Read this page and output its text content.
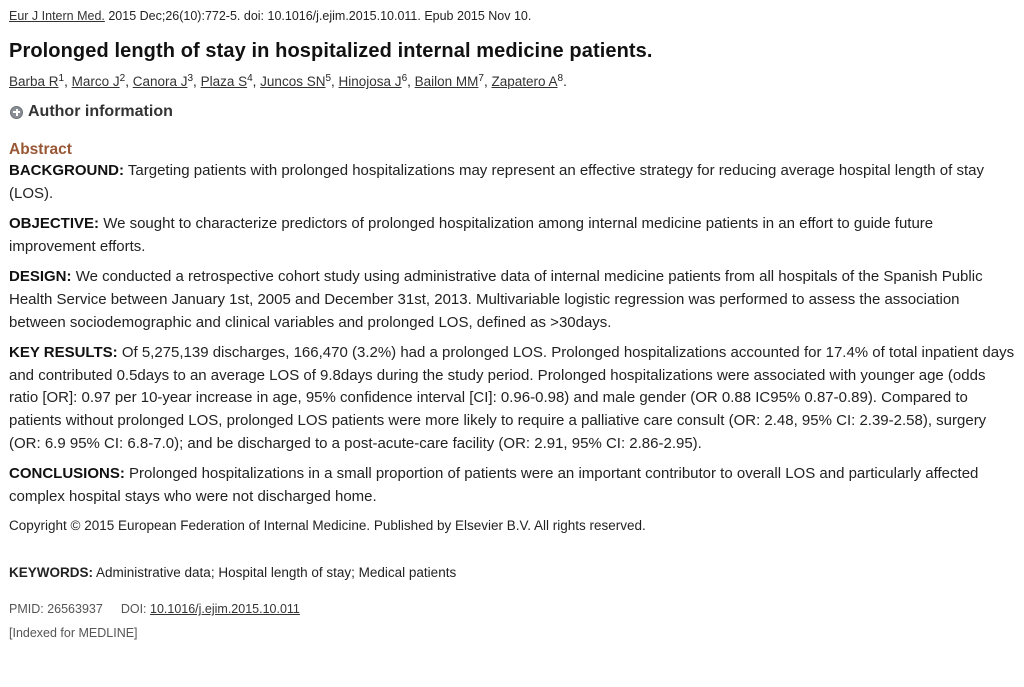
Eur J Intern Med. 2015 Dec;26(10):772-5. doi: 10.1016/j.ejim.2015.10.011. Epub 2015 Nov 10.
Prolonged length of stay in hospitalized internal medicine patients.
Barba $R^1$, Marco $J^2$, Canora $J^3$, Plaza $S^4$, Juncos $SN^5$, Hinojosa $J^6$, Bailon $MM^7$, Zapatero $A^8$.
Author information
Abstract

BACKGROUND: Targeting patients with prolonged hospitalizations may represent an effective strategy for reducing average hospital length of stay (LOS).

OBJECTIVE: We sought to characterize predictors of prolonged hospitalization among internal medicine patients in an effort to guide future improvement efforts.

DESIGN: We conducted a retrospective cohort study using administrative data of internal medicine patients from all hospitals of the Spanish Public Health Service between January 1st, 2005 and December 31st, 2013. Multivariable logistic regression was performed to assess the association between sociodemographic and clinical variables and prolonged LOS, defined as >30days.

KEY RESULTS: Of 5,275,139 discharges, 166,470 (3.2%) had a prolonged LOS. Prolonged hospitalizations accounted for 17.4% of total inpatient days and contributed 0.5days to an average LOS of 9.8days during the study period. Prolonged hospitalizations were associated with younger age (odds ratio [OR]: 0.97 per 10-year increase in age, 95% confidence interval [CI]: 0.96-0.98) and male gender (OR 0.88 IC95% 0.87-0.89). Compared to patients without prolonged LOS, prolonged LOS patients were more likely to require a palliative care consult (OR: 2.48, 95% CI: 2.39-2.58), surgery (OR: 6.9 95% CI: 6.8-7.0); and be discharged to a post-acute-care facility (OR: 2.91, 95% CI: 2.86-2.95).

CONCLUSIONS: Prolonged hospitalizations in a small proportion of patients were an important contributor to overall LOS and particularly affected complex hospital stays who were not discharged home.

Copyright © 2015 European Federation of Internal Medicine. Published by Elsevier B.V. All rights reserved.
KEYWORDS: Administrative data; Hospital length of stay; Medical patients
PMID: 26563937 DOI: 10.1016/j.ejim.2015.10.011
[Indexed for MEDLINE]
